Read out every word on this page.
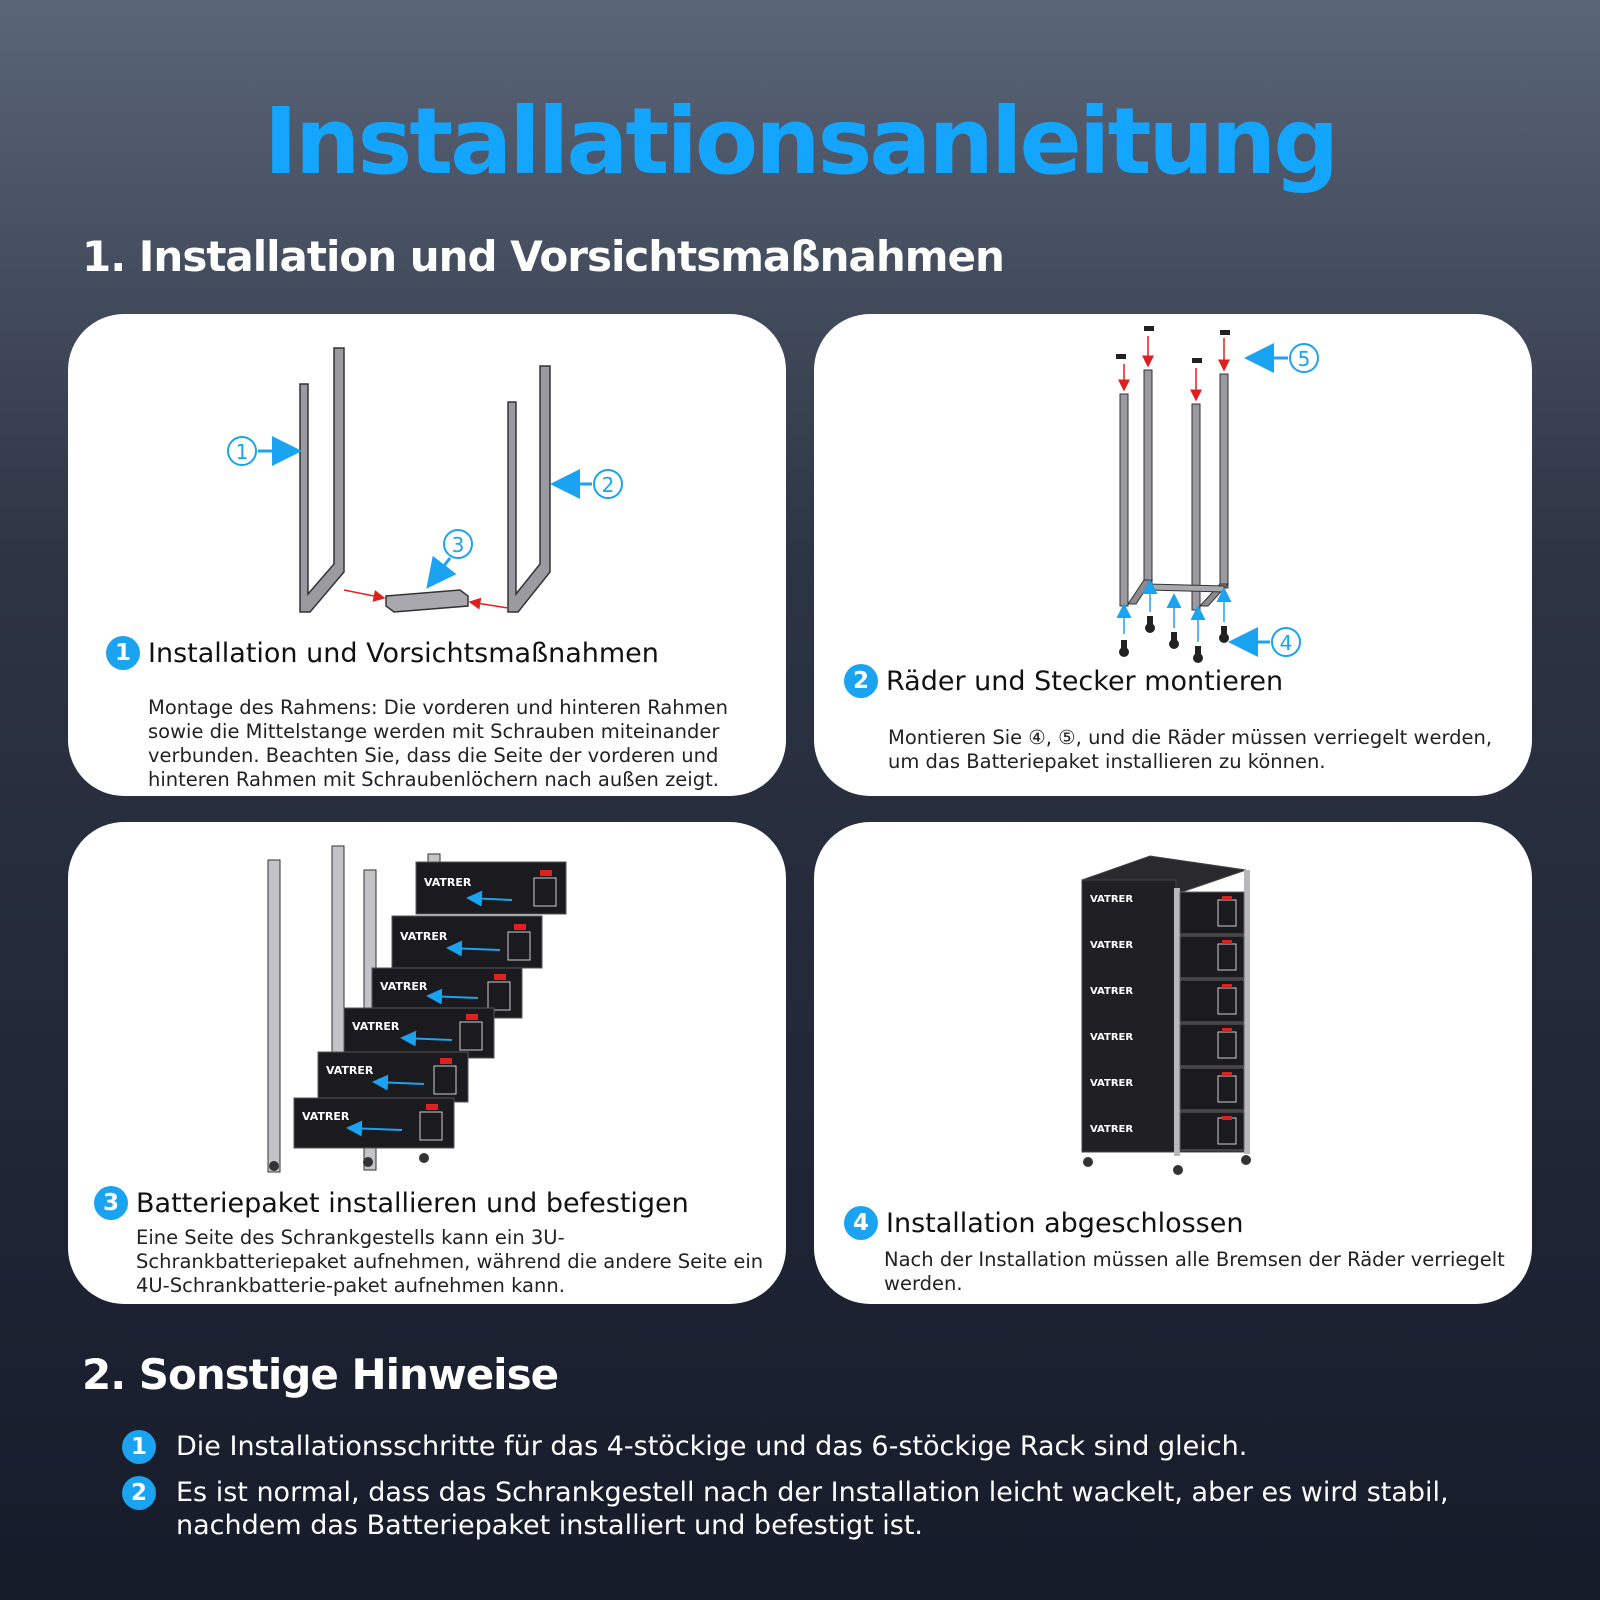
Installationsanleitung
1. Installation und Vorsichtsmaßnahmen
1
2
3
1 Installation und Vorsichtsmaßnahmen
Montage des Rahmens: Die vorderen und hinteren Rahmen sowie die Mittelstange werden mit Schrauben miteinander verbunden. Beachten Sie, dass die Seite der vorderen und hinteren Rahmen mit Schraubenlöchern nach außen zeigt.
5
4
2 Räder und Stecker montieren
Montieren Sie ④, ⑤, und die Räder müssen verriegelt werden, um das Batteriepaket installieren zu können.
VATRER
VATRER
VATRER
VATRER
VATRER
VATRER
3 Batteriepaket installieren und befestigen
Eine Seite des Schrankgestells kann ein 3U-Schrankbatteriepaket aufnehmen, während die andere Seite ein 4U-Schrankbatterie-paket aufnehmen kann.
VATRER
VATRER
VATRER
VATRER
VATRER
VATRER
4 Installation abgeschlossen
Nach der Installation müssen alle Bremsen der Räder verriegelt werden.
2. Sonstige Hinweise
1	Die Installationsschritte für das 4-stöckige und das 6-stöckige Rack sind gleich.
2	Es ist normal, dass das Schrankgestell nach der Installation leicht wackelt, aber es wird stabil, nachdem das Batteriepaket installiert und befestigt ist.
